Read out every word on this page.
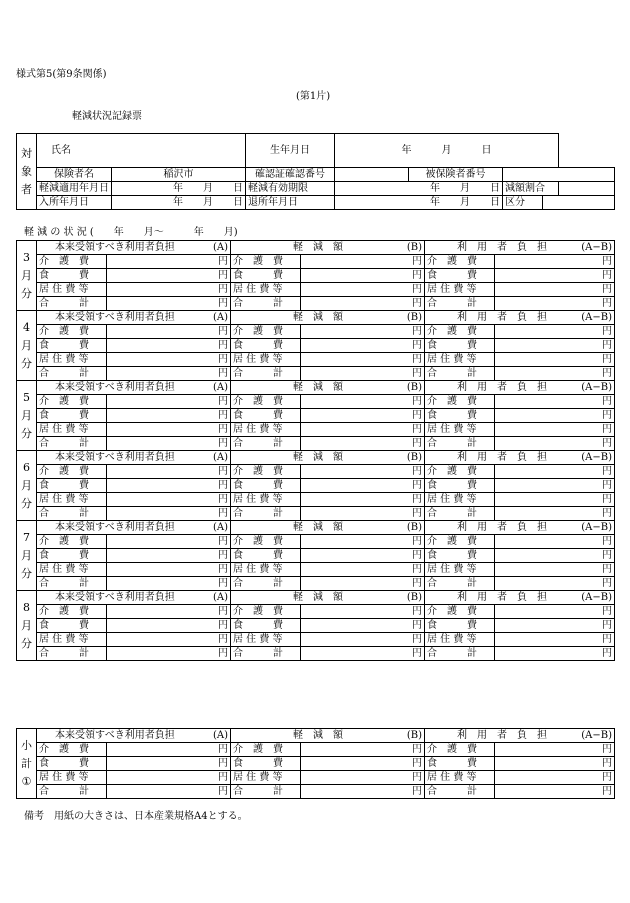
様式第5(第9条関係)
(第1片)
軽減状況記録票
対
象
者	氏名		生年月日	年　　　月　　　日				
	保険者名	稲沢市	確認証確認番号		被保険者番号			
	軽減適用年月日	年　　月　　日	軽減有効期限	年　　月　　日		減額割合		
	入所年月日	年　　月　　日	退所年月日	年　　月　　日		区分		
軽 減 の 状 況 (　　年　　月〜　　　年　　月)
3
月
分	本来受領すべき利用者負担 (A)		軽　減　額 (B)		利　用　者　負　担 (A−B)	

	介　護　費	円	介　護　費	円	介　護　費	円
	食　　　費	円	食　　　費	円	食　　　費	円
	居 住 費 等	円	居 住 費 等	円	居 住 費 等	円
	合　　　計	円	合　　　計	円	合　　　計	円

4
月
分	本来受領すべき利用者負担 (A)		軽　減　額 (B)		利　用　者　負　担 (A−B)	

	介　護　費	円	介　護　費	円	介　護　費	円
	食　　　費	円	食　　　費	円	食　　　費	円
	居 住 費 等	円	居 住 費 等	円	居 住 費 等	円
	合　　　計	円	合　　　計	円	合　　　計	円

5
月
分	本来受領すべき利用者負担 (A)		軽　減　額 (B)		利　用　者　負　担 (A−B)	

	介　護　費	円	介　護　費	円	介　護　費	円
	食　　　費	円	食　　　費	円	食　　　費	円
	居 住 費 等	円	居 住 費 等	円	居 住 費 等	円
	合　　　計	円	合　　　計	円	合　　　計	円

6
月
分	本来受領すべき利用者負担 (A)		軽　減　額 (B)		利　用　者　負　担 (A−B)	

	介　護　費	円	介　護　費	円	介　護　費	円
	食　　　費	円	食　　　費	円	食　　　費	円
	居 住 費 等	円	居 住 費 等	円	居 住 費 等	円
	合　　　計	円	合　　　計	円	合　　　計	円

7
月
分	本来受領すべき利用者負担 (A)		軽　減　額 (B)		利　用　者　負　担 (A−B)	

	介　護　費	円	介　護　費	円	介　護　費	円
	食　　　費	円	食　　　費	円	食　　　費	円
	居 住 費 等	円	居 住 費 等	円	居 住 費 等	円
	合　　　計	円	合　　　計	円	合　　　計	円

8
月
分	本来受領すべき利用者負担 (A)		軽　減　額 (B)		利　用　者　負　担 (A−B)	

	介　護　費	円	介　護　費	円	介　護　費	円
	食　　　費	円	食　　　費	円	食　　　費	円
	居 住 費 等	円	居 住 費 等	円	居 住 費 等	円
	合　　　計	円	合　　　計	円	合　　　計	円
小
計
①	本来受領すべき利用者負担 (A)		軽　減　額 (B)		利　用　者　負　担 (A−B)	

	介　護　費	円	介　護　費	円	介　護　費	円
	食　　　費	円	食　　　費	円	食　　　費	円
	居 住 費 等	円	居 住 費 等	円	居 住 費 等	円
	合　　　計	円	合　　　計	円	合　　　計	円
備考　用紙の大きさは、日本産業規格A4とする。
